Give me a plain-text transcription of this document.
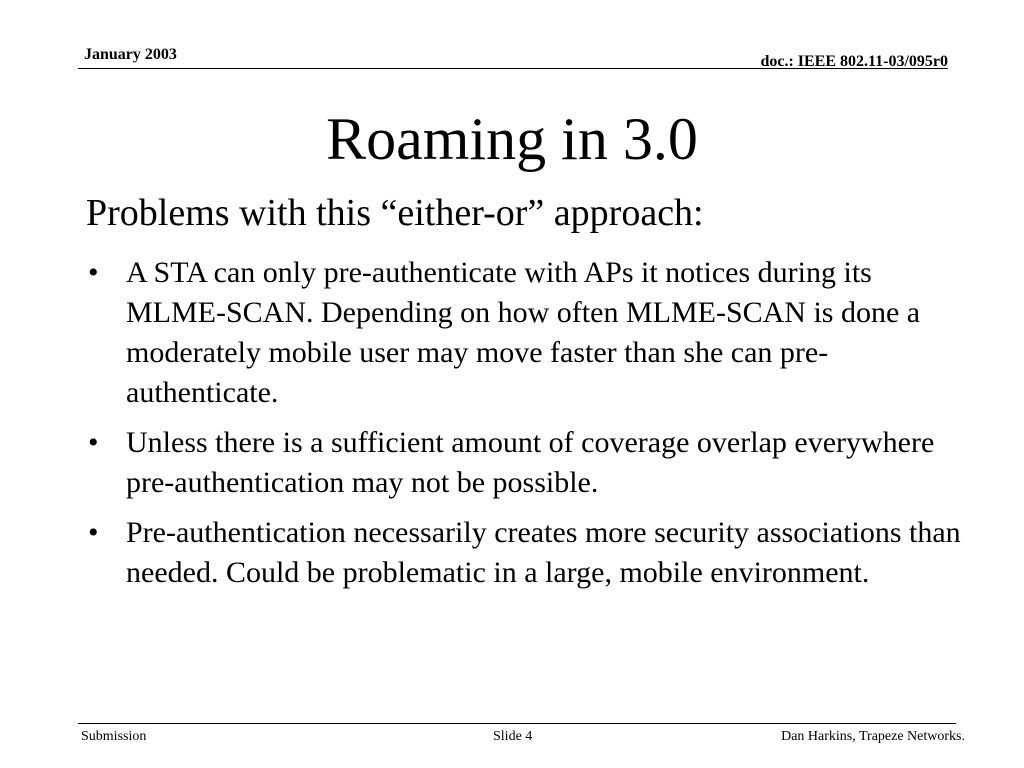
January 2003	doc.: IEEE 802.11-03/095r0
Roaming in 3.0
Problems with this “either-or” approach:
• A STA can only pre-authenticate with APs it notices during its MLME-SCAN. Depending on how often MLME-SCAN is done a moderately mobile user may move faster than she can pre-authenticate.
• Unless there is a sufficient amount of coverage overlap everywhere pre-authentication may not be possible.
• Pre-authentication necessarily creates more security associations than needed. Could be problematic in a large, mobile environment.
Submission	Slide 4	Dan Harkins, Trapeze Networks.
